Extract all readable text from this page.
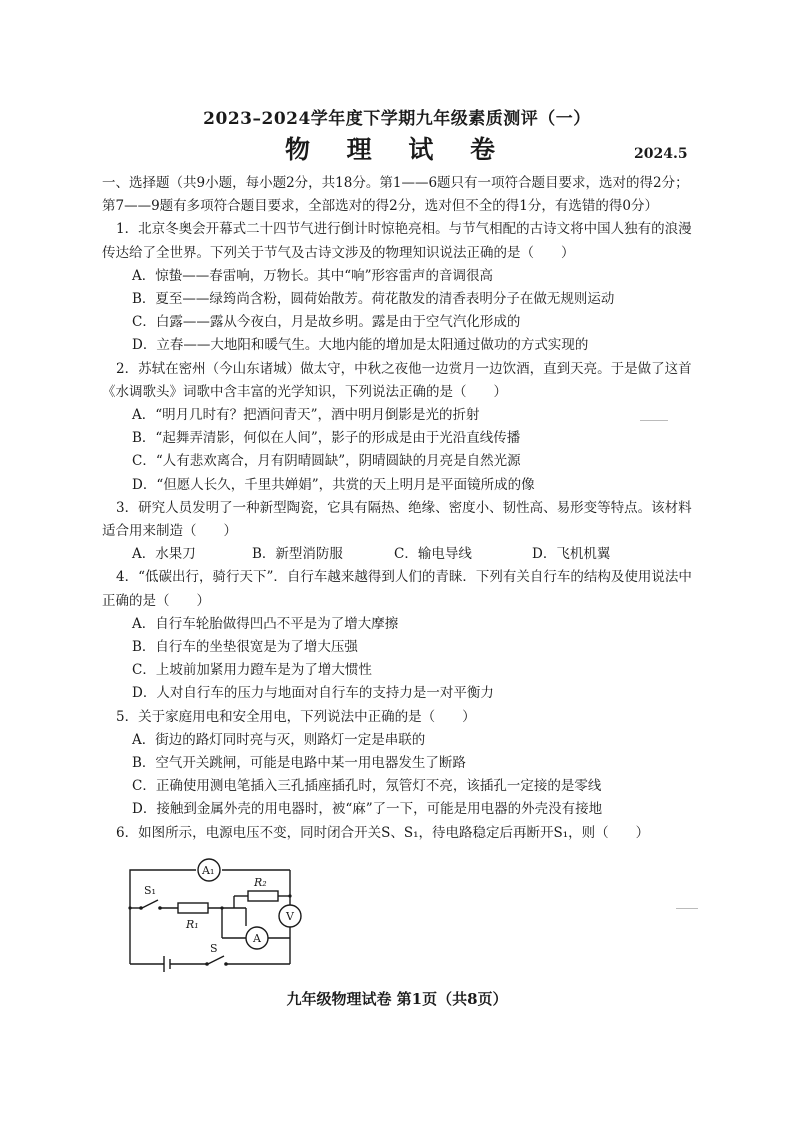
2023–2024学年度下学期九年级素质测评（一）
物 理 试 卷	2024.5

一、选择题（共9小题，每小题2分，共18分。第1——6题只有一项符合题目要求，选对的得2分；第7——9题有多项符合题目要求，全部选对的得2分，选对但不全的得1分，有选错的得0分）

1．北京冬奥会开幕式二十四节气进行倒计时惊艳亮相。与节气相配的古诗文将中国人独有的浪漫传达给了全世界。下列关于节气及古诗文涉及的物理知识说法正确的是（　　）

A．惊蛰——春雷响，万物长。其中“响”形容雷声的音调很高

B．夏至——绿筠尚含粉，圆荷始散芳。荷花散发的清香表明分子在做无规则运动

C．白露——露从今夜白，月是故乡明。露是由于空气汽化形成的

D．立春——大地阳和暖气生。大地内能的增加是太阳通过做功的方式实现的

2．苏轼在密州（今山东诸城）做太守，中秋之夜他一边赏月一边饮酒，直到天亮。于是做了这首《水调歌头》词歌中含丰富的光学知识，下列说法正确的是（　　）

A．“明月几时有？把酒问青天”，酒中明月倒影是光的折射

B．“起舞弄清影，何似在人间”，影子的形成是由于光沿直线传播

C．“人有悲欢离合，月有阴晴圆缺”，阴晴圆缺的月亮是自然光源

D．“但愿人长久，千里共婵娟”，共赏的天上明月是平面镜所成的像

3．研究人员发明了一种新型陶瓷，它具有隔热、绝缘、密度小、韧性高、易形变等特点。该材料适合用来制造（　　）

A．水果刀	B．新型消防服	C．输电导线	D．飞机机翼

4．“低碳出行，骑行天下”．自行车越来越得到人们的青睐．下列有关自行车的结构及使用说法中正确的是（　　）

A．自行车轮胎做得凹凸不平是为了增大摩擦

B．自行车的坐垫很宽是为了增大压强

C．上坡前加紧用力蹬车是为了增大惯性

D．人对自行车的压力与地面对自行车的支持力是一对平衡力

5．关于家庭用电和安全用电，下列说法中正确的是（　　）

A．街边的路灯同时亮与灭，则路灯一定是串联的

B．空气开关跳闸，可能是电路中某一用电器发生了断路

C．正确使用测电笔插入三孔插座插孔时，氖管灯不亮，该插孔一定接的是零线

D．接触到金属外壳的用电器时，被“麻”了一下，可能是用电器的外壳没有接地

6．如图所示，电源电压不变，同时闭合开关S、S₁，待电路稳定后再断开S₁，则（　　）

A₁
V
A
S₁
R₁
R₂
S
九年级物理试卷 第1页（共8页）
